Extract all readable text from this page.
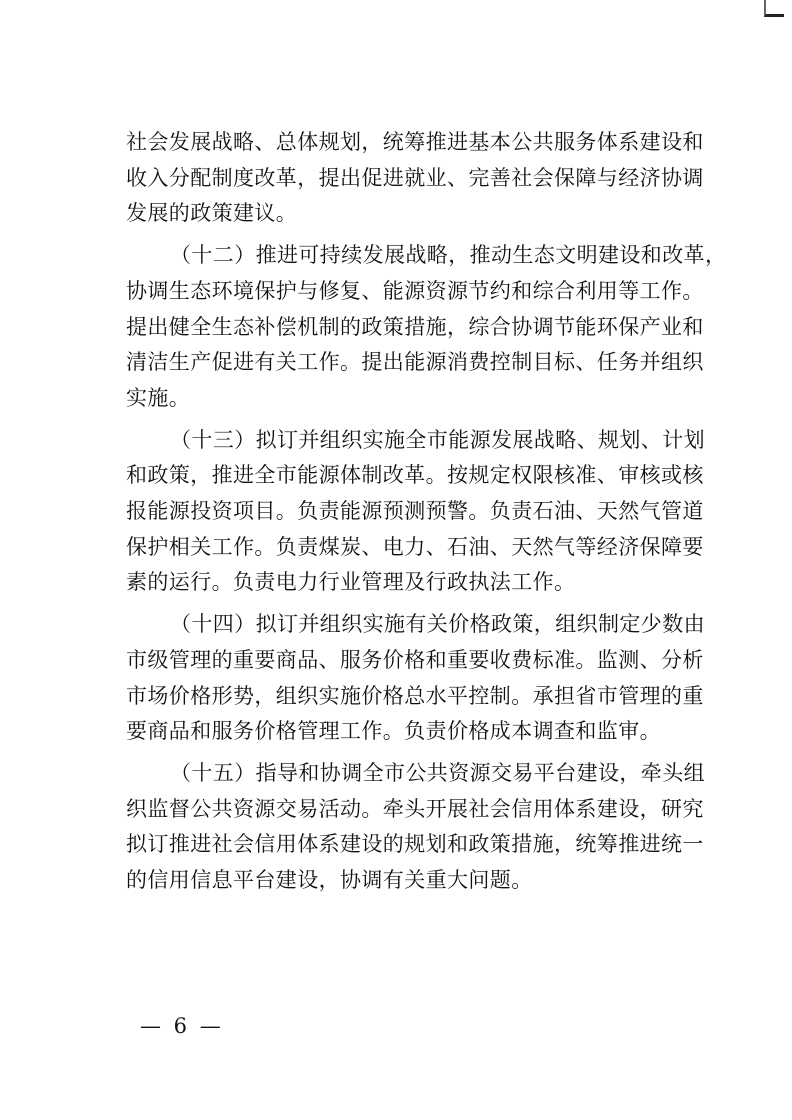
社会发展战略、总体规划，统筹推进基本公共服务体系建设和
收入分配制度改革，提出促进就业、完善社会保障与经济协调
发展的政策建议。
（十二）推进可持续发展战略，推动生态文明建设和改革，
协调生态环境保护与修复、能源资源节约和综合利用等工作。
提出健全生态补偿机制的政策措施，综合协调节能环保产业和
清洁生产促进有关工作。提出能源消费控制目标、任务并组织
实施。
（十三）拟订并组织实施全市能源发展战略、规划、计划
和政策，推进全市能源体制改革。按规定权限核准、审核或核
报能源投资项目。负责能源预测预警。负责石油、天然气管道
保护相关工作。负责煤炭、电力、石油、天然气等经济保障要
素的运行。负责电力行业管理及行政执法工作。
（十四）拟订并组织实施有关价格政策，组织制定少数由
市级管理的重要商品、服务价格和重要收费标准。监测、分析
市场价格形势，组织实施价格总水平控制。承担省市管理的重
要商品和服务价格管理工作。负责价格成本调查和监审。
（十五）指导和协调全市公共资源交易平台建设，牵头组
织监督公共资源交易活动。牵头开展社会信用体系建设，研究
拟订推进社会信用体系建设的规划和政策措施，统筹推进统一
的信用信息平台建设，协调有关重大问题。
— 6 —
